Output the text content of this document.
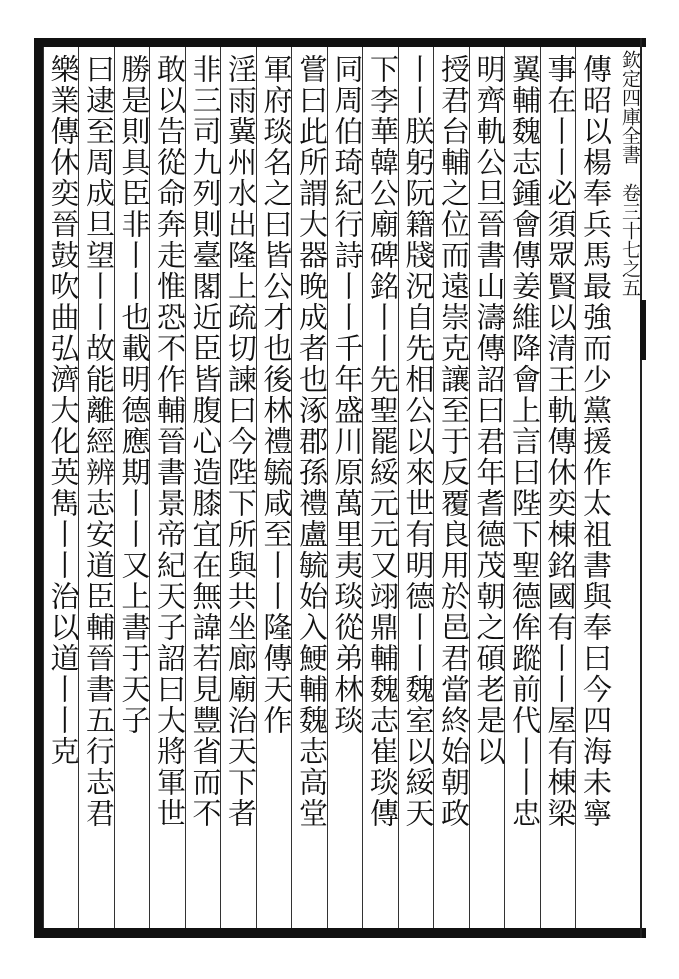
欽定四庫全書　卷三十七之五
傳昭以楊奉兵馬最強而少黨援作太祖書與奉曰今四海未寧
事在丨丨必須眾賢以清王軌傳休奕棟銘國有丨丨屋有棟梁
翼輔魏志鍾會傳姜維降會上言曰陛下聖德侔蹤前代丨丨忠
明齊軌公旦晉書山濤傳詔曰君年耆德茂朝之碩老是以
授君台輔之位而遠崇克讓至于反覆良用於邑君當終始朝政
丨丨朕躬阮籍牋況自先相公以來世有明德丨丨魏室以綏天
下李華韓公廟碑銘丨丨先聖罷綏元元又翊鼎輔魏志崔琰傳
同周伯琦紀行詩丨丨千年盛川原萬里夷琰從弟林琰
嘗曰此所謂大器晚成者也涿郡孫禮盧毓始入鯁輔魏志高堂
軍府琰名之曰皆公才也後林禮毓咸至丨丨隆傳天作
淫雨冀州水出隆上疏切諫曰今陛下所與共坐廊廟治天下者
非三司九列則臺閣近臣皆腹心造膝宜在無諱若見豐省而不
敢以告從命奔走惟恐不作輔晉書景帝紀天子詔曰大將軍世
勝是則具臣非丨丨也載明德應期丨丨又上書于天子
曰逮至周成旦望丨丨故能離經辨志安道臣輔晉書五行志君
樂業傳休奕晉鼓吹曲弘濟大化英雋丨丨治以道丨丨克
